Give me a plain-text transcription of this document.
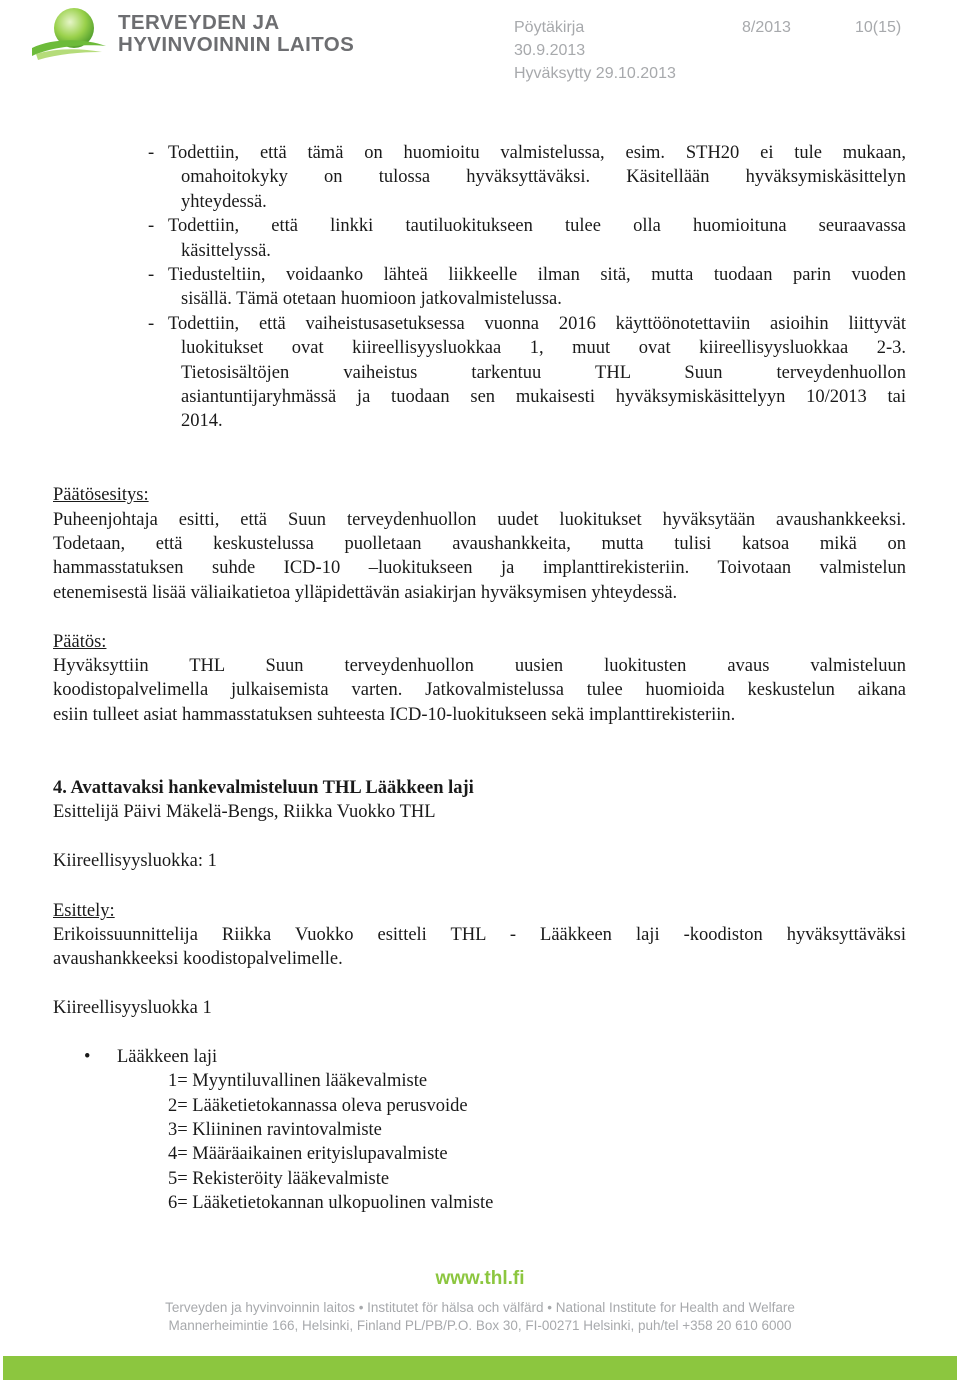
TERVEYDEN JA
HYVINVOINNIN LAITOS
Pöytäkirja	8/2013	10(15)
30.9.2013
Hyväksytty 29.10.2013
- Todettiin, että tämä on huomioitu valmistelussa, esim. STH20 ei tule mukaan,
omahoitokyky on tulossa hyväksyttäväksi. Käsitellään hyväksymiskäsittelyn
yhteydessä.
- Todettiin, että linkki tautiluokitukseen tulee olla huomioituna seuraavassa
käsittelyssä.
- Tiedusteltiin, voidaanko lähteä liikkeelle ilman sitä, mutta tuodaan parin vuoden
sisällä. Tämä otetaan huomioon jatkovalmistelussa.
- Todettiin, että vaiheistusasetuksessa vuonna 2016 käyttöönotettaviin asioihin liittyvät
luokitukset ovat kiireellisyysluokkaa 1, muut ovat kiireellisyysluokkaa 2-3.
Tietosisältöjen vaiheistus tarkentuu THL Suun terveydenhuollon
asiantuntijaryhmässä ja tuodaan sen mukaisesti hyväksymiskäsittelyyn 10/2013 tai
2014.
Päätösesitys:
Puheenjohtaja esitti, että Suun terveydenhuollon uudet luokitukset hyväksytään avaushankkeeksi.
Todetaan, että keskustelussa puolletaan avaushankkeita, mutta tulisi katsoa mikä on
hammasstatuksen suhde ICD-10 –luokitukseen ja implanttirekisteriin. Toivotaan valmistelun
etenemisestä lisää väliaikatietoa ylläpidettävän asiakirjan hyväksymisen yhteydessä.
Päätös:
Hyväksyttiin THL Suun terveydenhuollon uusien luokitusten avaus valmisteluun
koodistopalvelimella julkaisemista varten. Jatkovalmistelussa tulee huomioida keskustelun aikana
esiin tulleet asiat hammasstatuksen suhteesta ICD-10-luokitukseen sekä implanttirekisteriin.
4. Avattavaksi hankevalmisteluun THL Lääkkeen laji
Esittelijä Päivi Mäkelä-Bengs, Riikka Vuokko THL
Kiireellisyysluokka: 1
Esittely:
Erikoissuunnittelija Riikka Vuokko esitteli THL - Lääkkeen laji -koodiston hyväksyttäväksi
avaushankkeeksi koodistopalvelimelle.
Kiireellisyysluokka 1
• Lääkkeen laji
1= Myyntiluvallinen lääkevalmiste
2= Lääketietokannassa oleva perusvoide
3= Kliininen ravintovalmiste
4= Määräaikainen erityislupavalmiste
5= Rekisteröity lääkevalmiste
6= Lääketietokannan ulkopuolinen valmiste
www.thl.fi
Terveyden ja hyvinvoinnin laitos • Institutet för hälsa och välfärd • National Institute for Health and Welfare
Mannerheimintie 166, Helsinki, Finland PL/PB/P.O. Box 30, FI-00271 Helsinki, puh/tel +358 20 610 6000
